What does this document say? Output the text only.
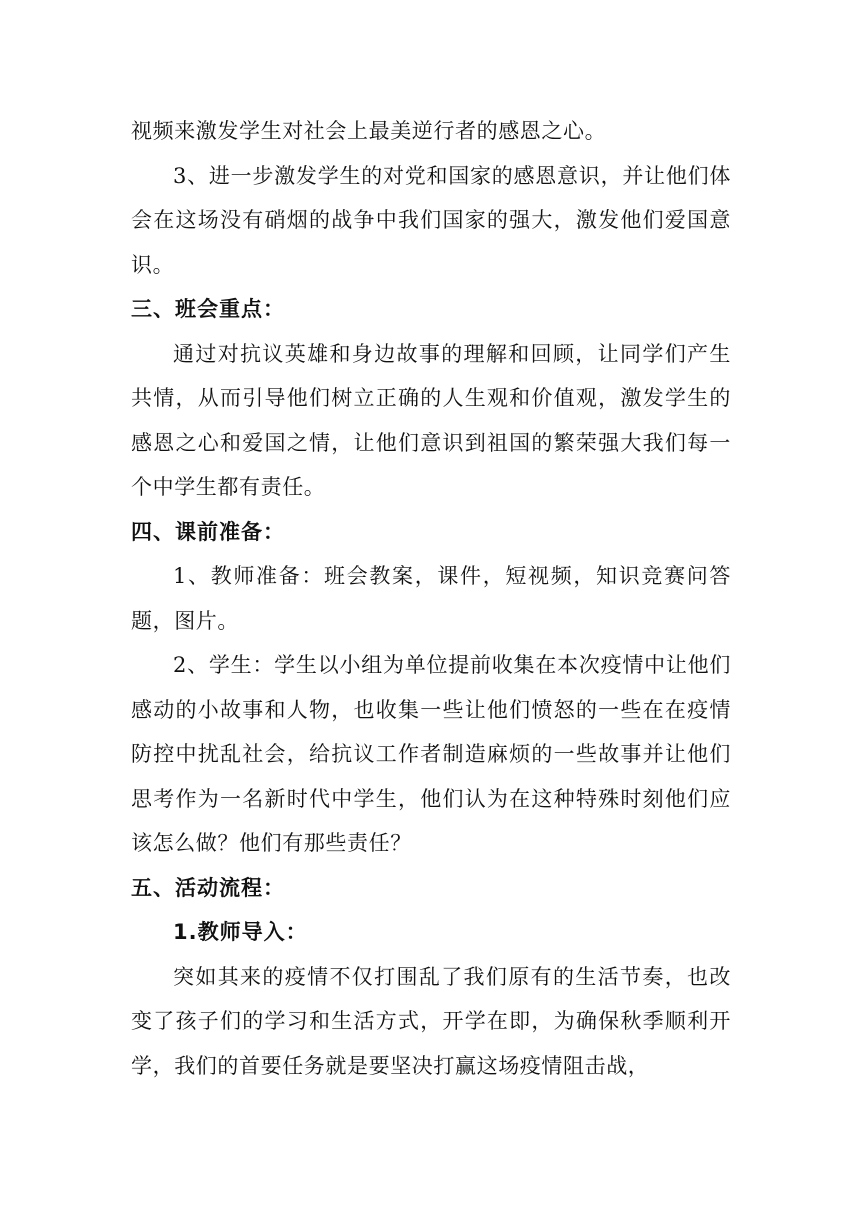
视频来激发学生对社会上最美逆行者的感恩之心。

3、进一步激发学生的对党和国家的感恩意识，并让他们体会在这场没有硝烟的战争中我们国家的强大，激发他们爱国意识。

三、班会重点：

通过对抗议英雄和身边故事的理解和回顾，让同学们产生共情，从而引导他们树立正确的人生观和价值观，激发学生的感恩之心和爱国之情，让他们意识到祖国的繁荣强大我们每一个中学生都有责任。

四、课前准备：

1、教师准备：班会教案，课件，短视频，知识竞赛问答题，图片。

2、学生：学生以小组为单位提前收集在本次疫情中让他们感动的小故事和人物，也收集一些让他们愤怒的一些在在疫情防控中扰乱社会，给抗议工作者制造麻烦的一些故事并让他们思考作为一名新时代中学生，他们认为在这种特殊时刻他们应该怎么做？他们有那些责任？

五、活动流程：
1.教师导入：

突如其来的疫情不仅打围乱了我们原有的生活节奏，也改变了孩子们的学习和生活方式，开学在即，为确保秋季顺利开学，我们的首要任务就是要坚决打赢这场疫情阻击战，
